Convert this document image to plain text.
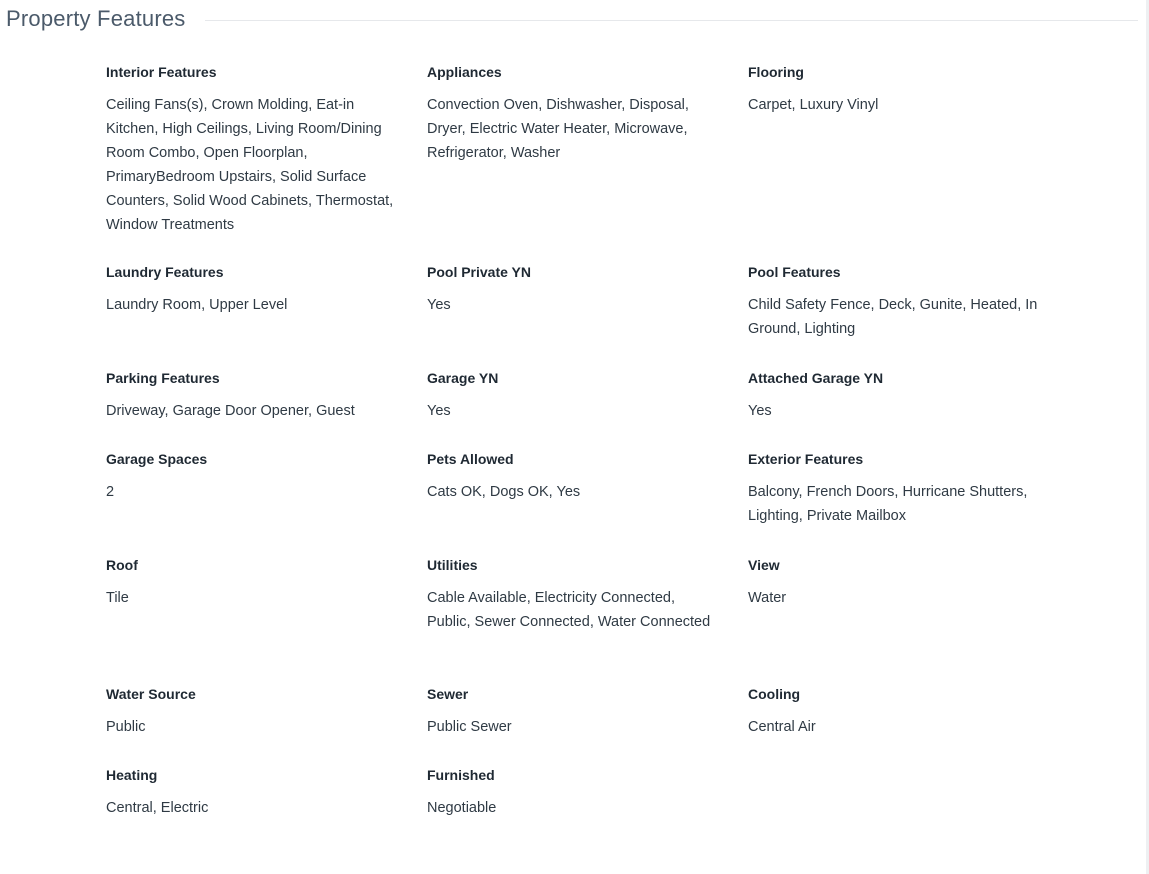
Property Features

Interior Features

Ceiling Fans(s), Crown Molding, Eat-in Kitchen, High Ceilings, Living Room/Dining Room Combo, Open Floorplan, PrimaryBedroom Upstairs, Solid Surface Counters, Solid Wood Cabinets, Thermostat, Window Treatments

Appliances

Convection Oven, Dishwasher, Disposal, Dryer, Electric Water Heater, Microwave, Refrigerator, Washer

Flooring

Carpet, Luxury Vinyl

Laundry Features

Laundry Room, Upper Level

Pool Private YN

Yes

Pool Features

Child Safety Fence, Deck, Gunite, Heated, In Ground, Lighting

Parking Features

Driveway, Garage Door Opener, Guest

Garage YN

Yes

Attached Garage YN

Yes

Garage Spaces

2

Pets Allowed

Cats OK, Dogs OK, Yes

Exterior Features

Balcony, French Doors, Hurricane Shutters, Lighting, Private Mailbox

Roof

Tile

Utilities

Cable Available, Electricity Connected, Public, Sewer Connected, Water Connected

View

Water

Water Source

Public

Sewer

Public Sewer

Cooling

Central Air

Heating

Central, Electric

Furnished

Negotiable
